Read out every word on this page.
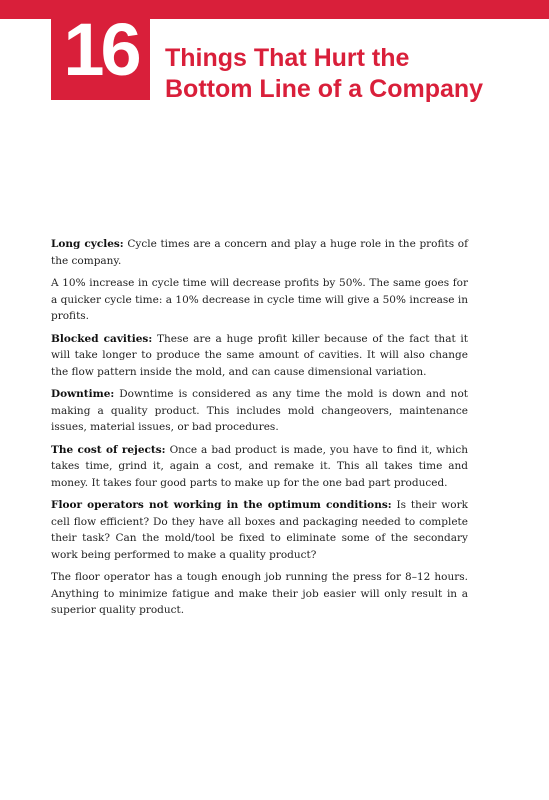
16 Things That Hurt the
Bottom Line of a Company

Long cycles: Cycle times are a concern and play a huge role in the profits of the company.

A 10% increase in cycle time will decrease profits by 50%. The same goes for a quicker cycle time: a 10% decrease in cycle time will give a 50% increase in profits.

Blocked cavities: These are a huge profit killer because of the fact that it will take longer to produce the same amount of cavities. It will also change the flow pattern inside the mold, and can cause dimensional variation.

Downtime: Downtime is considered as any time the mold is down and not making a quality product. This includes mold changeovers, maintenance issues, material issues, or bad procedures.

The cost of rejects: Once a bad product is made, you have to find it, which takes time, grind it, again a cost, and remake it. This all takes time and money. It takes four good parts to make up for the one bad part produced.

Floor operators not working in the optimum conditions: Is their work cell flow efficient? Do they have all boxes and packaging needed to complete their task? Can the mold/tool be fixed to eliminate some of the secondary work being performed to make a quality product?

The floor operator has a tough enough job running the press for 8–12 hours. Anything to minimize fatigue and make their job easier will only result in a superior quality product.
